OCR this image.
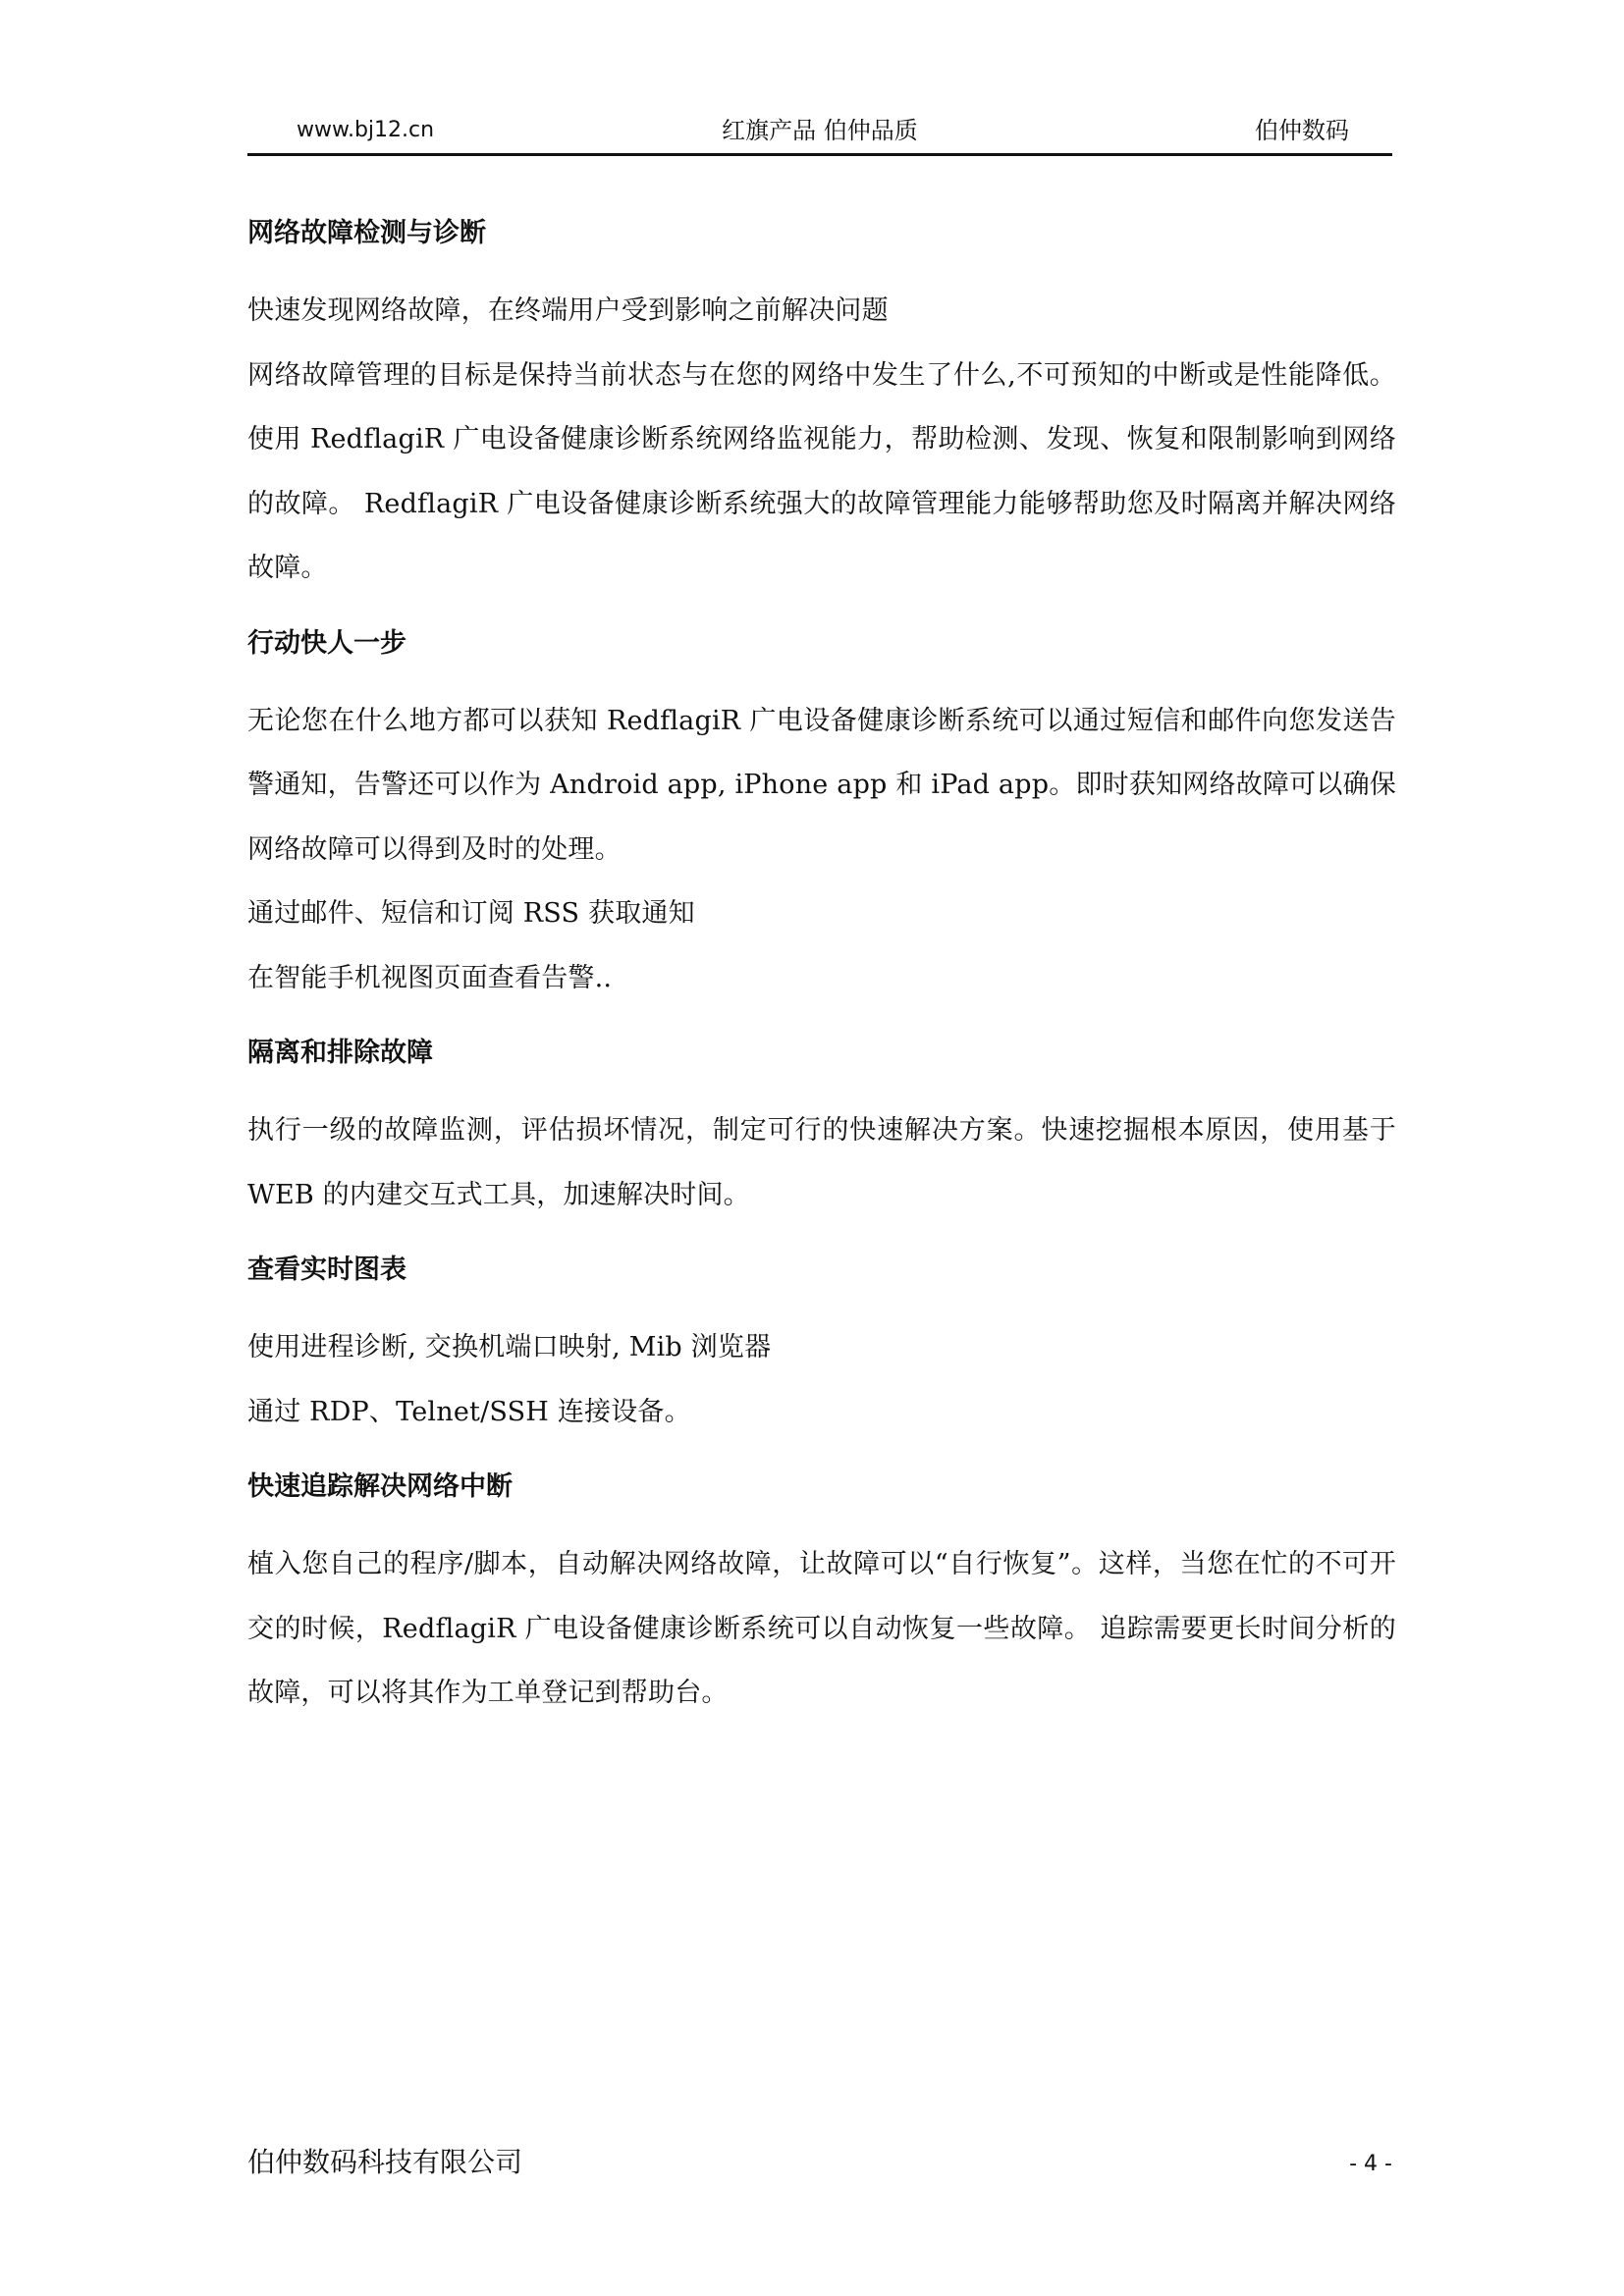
www.bj12.cn	红旗产品 伯仲品质	伯仲数码
网络故障检测与诊断

快速发现网络故障，在终端用户受到影响之前解决问题

网络故障管理的目标是保持当前状态与在您的网络中发生了什么,不可预知的中断或是性能降低。使用 RedflagiR 广电设备健康诊断系统网络监视能力，帮助检测、发现、恢复和限制影响到网络的故障。 RedflagiR 广电设备健康诊断系统强大的故障管理能力能够帮助您及时隔离并解决网络故障。

行动快人一步

无论您在什么地方都可以获知 RedflagiR 广电设备健康诊断系统可以通过短信和邮件向您发送告警通知，告警还可以作为 Android app, iPhone app 和 iPad app。即时获知网络故障可以确保网络故障可以得到及时的处理。

通过邮件、短信和订阅 RSS 获取通知

在智能手机视图页面查看告警..

隔离和排除故障

执行一级的故障监测，评估损坏情况，制定可行的快速解决方案。快速挖掘根本原因，使用基于 WEB 的内建交互式工具，加速解决时间。

查看实时图表

使用进程诊断, 交换机端口映射, Mib 浏览器

通过 RDP、Telnet/SSH 连接设备。

快速追踪解决网络中断

植入您自己的程序/脚本，自动解决网络故障，让故障可以“自行恢复”。这样，当您在忙的不可开交的时候，RedflagiR 广电设备健康诊断系统可以自动恢复一些故障。 追踪需要更长时间分析的故障，可以将其作为工单登记到帮助台。

伯仲数码科技有限公司	- 4 -
